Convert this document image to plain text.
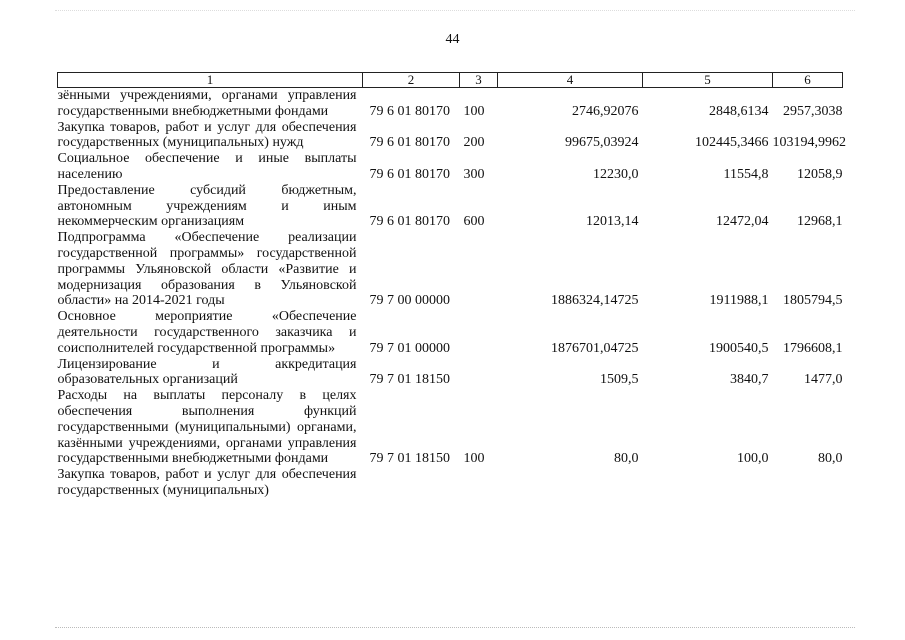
44
1	2	3	4	5	6
зёнными учреждениями, органами управления государственными внебюджетными фондами	79 6 01 80170	100	2746,92076	2848,6134	2957,3038
Закупка товаров, работ и услуг для обеспечения государственных (муниципальных) нужд	79 6 01 80170	200	99675,03924	102445,3466	103194,9962
Социальное обеспечение и иные выплаты населению	79 6 01 80170	300	12230,0	11554,8	12058,9
Предоставление субсидий бюджетным, автономным учреждениям и иным некоммерческим организациям	79 6 01 80170	600	12013,14	12472,04	12968,1
Подпрограмма «Обеспечение реализации государственной программы» государственной программы Ульяновской области «Развитие и модернизация образования в Ульяновской области» на 2014-2021 годы	79 7 00 00000		1886324,14725	1911988,1	1805794,5
Основное мероприятие «Обеспечение деятельности государственного заказчика и соисполнителей государственной программы»	79 7 01 00000		1876701,04725	1900540,5	1796608,1
Лицензирование и аккредитация образовательных организаций	79 7 01 18150		1509,5	3840,7	1477,0
Расходы на выплаты персоналу в целях обеспечения выполнения функций государственными (муниципальными) органами, казёнными учреждениями, органами управления государственными внебюджетными фондами	79 7 01 18150	100	80,0	100,0	80,0
Закупка товаров, работ и услуг для обеспечения государственных (муниципальных)					
